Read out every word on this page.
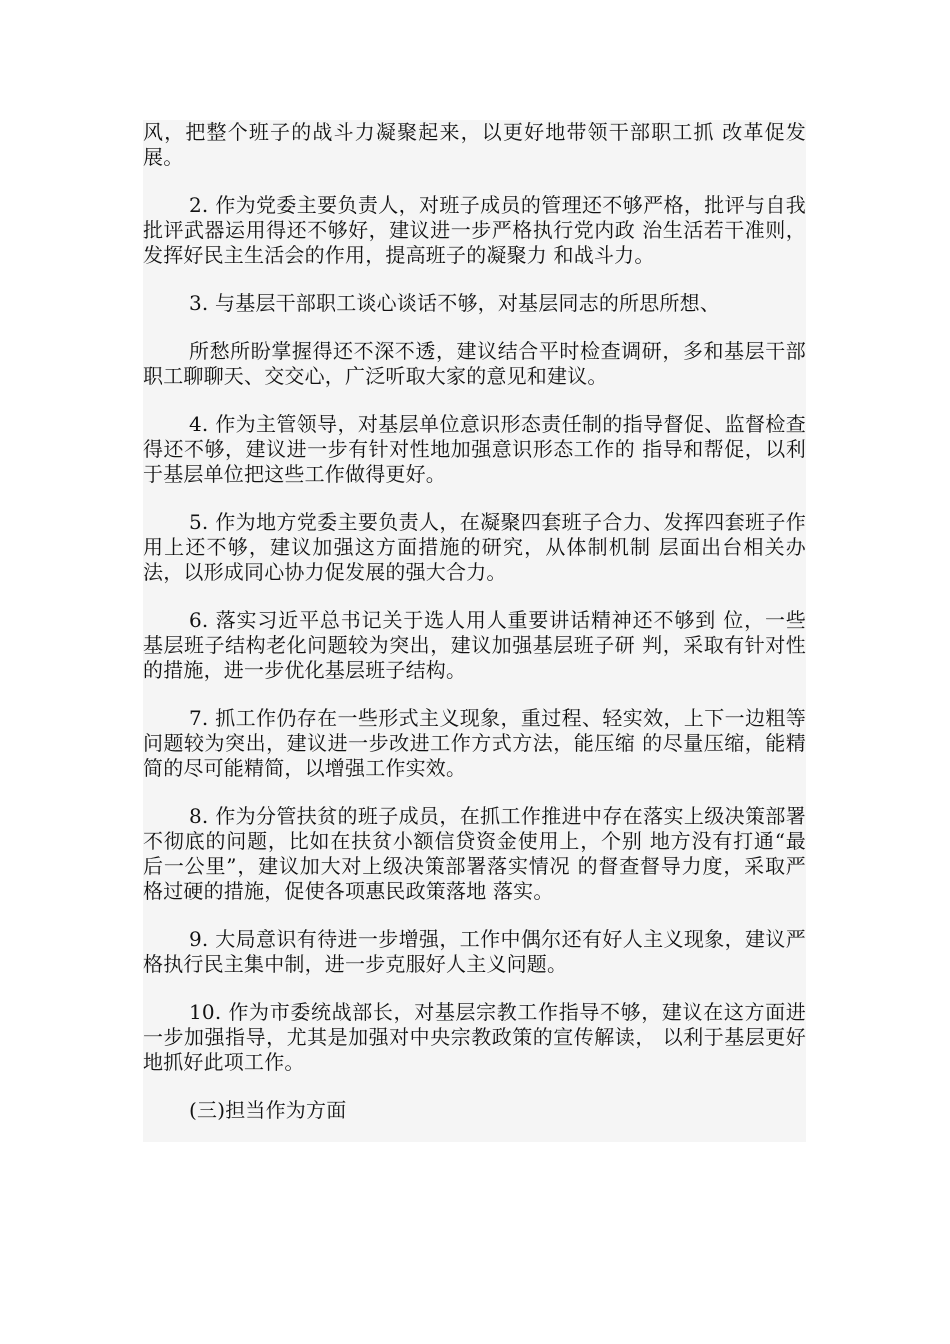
风，把整个班子的战斗力凝聚起来，以更好地带领干部职工抓 改革促发展。

2. 作为党委主要负责人，对班子成员的管理还不够严格，批评与自我批评武器运用得还不够好，建议进一步严格执行党内政 治生活若干准则，发挥好民主生活会的作用，提高班子的凝聚力 和战斗力。

3. 与基层干部职工谈心谈话不够，对基层同志的所思所想、

所愁所盼掌握得还不深不透，建议结合平时检查调研，多和基层干部职工聊聊天、交交心，广泛听取大家的意见和建议。

4. 作为主管领导，对基层单位意识形态责任制的指导督促、监督检查得还不够，建议进一步有针对性地加强意识形态工作的 指导和帮促，以利于基层单位把这些工作做得更好。

5. 作为地方党委主要负责人，在凝聚四套班子合力、发挥四套班子作用上还不够，建议加强这方面措施的研究，从体制机制 层面出台相关办法，以形成同心协力促发展的强大合力。

6. 落实习近平总书记关于选人用人重要讲话精神还不够到 位，一些基层班子结构老化问题较为突出，建议加强基层班子研 判，采取有针对性的措施，进一步优化基层班子结构。

7. 抓工作仍存在一些形式主义现象，重过程、轻实效，上下一边粗等问题较为突出，建议进一步改进工作方式方法，能压缩 的尽量压缩，能精简的尽可能精简，以增强工作实效。

8. 作为分管扶贫的班子成员，在抓工作推进中存在落实上级决策部署不彻底的问题，比如在扶贫小额信贷资金使用上，个别 地方没有打通“最后一公里”，建议加大对上级决策部署落实情况 的督查督导力度，采取严格过硬的措施，促使各项惠民政策落地 落实。

9. 大局意识有待进一步增强，工作中偶尔还有好人主义现象，建议严格执行民主集中制，进一步克服好人主义问题。

10. 作为市委统战部长，对基层宗教工作指导不够，建议在这方面进一步加强指导，尤其是加强对中央宗教政策的宣传解读， 以利于基层更好地抓好此项工作。

(三)担当作为方面
